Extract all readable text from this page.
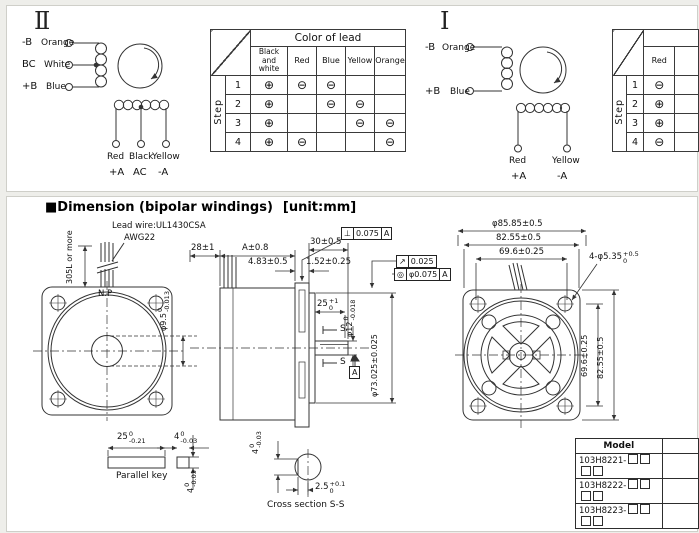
		Color of lead				
		Black and white	Red	Blue	Yellow	Orange
Step	1	⊕	⊖	⊖		
	2	⊕		⊖	⊖	
	3	⊕			⊖	⊖
	4	⊕	⊖			⊖

		Red	
Step	1	⊖	
	2	⊕	
	3	⊕	
	4	⊖	
Model	
103H8221-	
103H8222-	
103H8223-	
Ⅱ
-B Orange
BC White
+B Blue
Red Black
Yellow
+A AC -A
Ⅰ
-B Orange
+B Blue
Red	Yellow
+A	-A
■Dimension (bipolar windings) [unit:mm]
Lead wire:UL1430CSA
AWG22
N.P
305L or more
φ9.5
0
-0.013
28±1	A±0.8
30±0.5
4.83±0.5 1.52±0.25
25 +1
0
φ12
0
-0.018
φ73.025±0.025
S
S
⊥ 0.075 A
↗ 0.025
◎ φ0.075 A
A
φ85.85±0.5
82.55±0.5
69.6±0.25	4-φ5.35 +0.5
0
69.6±0.25 82.55±0.5
25 0
-0.21	4 0
-0.03
4
0
-0.03
Parallel key
4
0
-0.03
2.5 +0.1
0
Cross section S-S
